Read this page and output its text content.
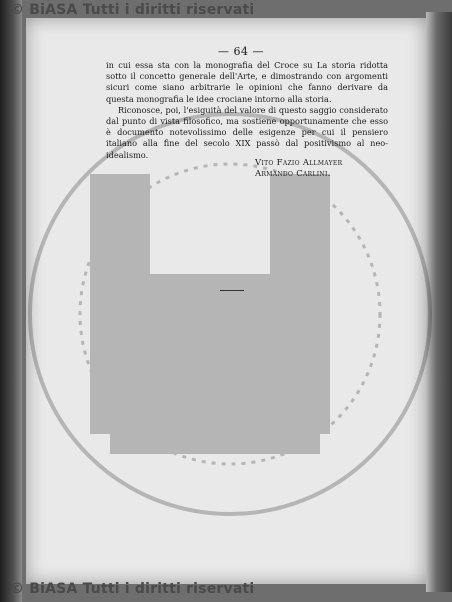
© BiASA Tutti i diritti riservati
© BiASA Tutti i diritti riservati
— 64 —

in cui essa sta con la monografia del Croce su La storia ridotta sotto il concetto generale dell'Arte, e dimostrando con argomenti sicuri come siano arbitrarie le opinioni che fanno derivare da questa monografia le idee crociane intorno alla storia.

Riconosce, poi, l'esiguità del valore di questo saggio considerato dal punto di vista filosofico, ma sostiene opportunamente che esso è documento notevolissimo delle esigenze per cui il pensiero italiano alla fine del secolo XIX passò dal positivismo al neo-idealismo.

Vito Fazio Allmayer
Armando Carlini.
